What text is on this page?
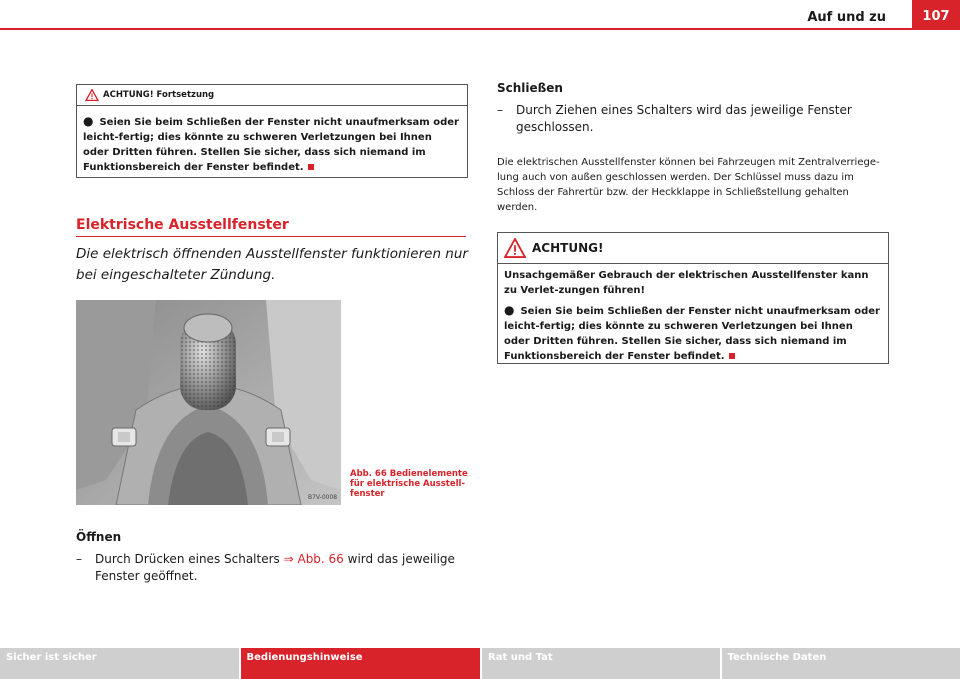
Auf und zu	107
ACHTUNG! Fortsetzung

● Seien Sie beim Schließen der Fenster nicht unaufmerksam oder leicht-fertig; dies könnte zu schweren Verletzungen bei Ihnen oder Dritten führen. Stellen Sie sicher, dass sich niemand im Funktionsbereich der Fenster befindet.

Elektrische Ausstellfenster
Die elektrisch öffnenden Ausstellfenster funktionieren nur bei eingeschalteter Zündung.
B7V-0008
Abb. 66 Bedienelemente für elektrische Ausstell-fenster
Öffnen
– Durch Drücken eines Schalters ⇒ Abb. 66 wird das jeweilige Fenster geöffnet.
Schließen
– Durch Ziehen eines Schalters wird das jeweilige Fenster geschlossen.
Die elektrischen Ausstellfenster können bei Fahrzeugen mit Zentralverriege-lung auch von außen geschlossen werden. Der Schlüssel muss dazu im Schloss der Fahrertür bzw. der Heckklappe in Schließstellung gehalten werden.
ACHTUNG!

Unsachgemäßer Gebrauch der elektrischen Ausstellfenster kann zu Verlet-zungen führen!

● Seien Sie beim Schließen der Fenster nicht unaufmerksam oder leicht-fertig; dies könnte zu schweren Verletzungen bei Ihnen oder Dritten führen. Stellen Sie sicher, dass sich niemand im Funktionsbereich der Fenster befindet.

Sicher ist sicher	Bedienungshinweise	Rat und Tat	Technische Daten
